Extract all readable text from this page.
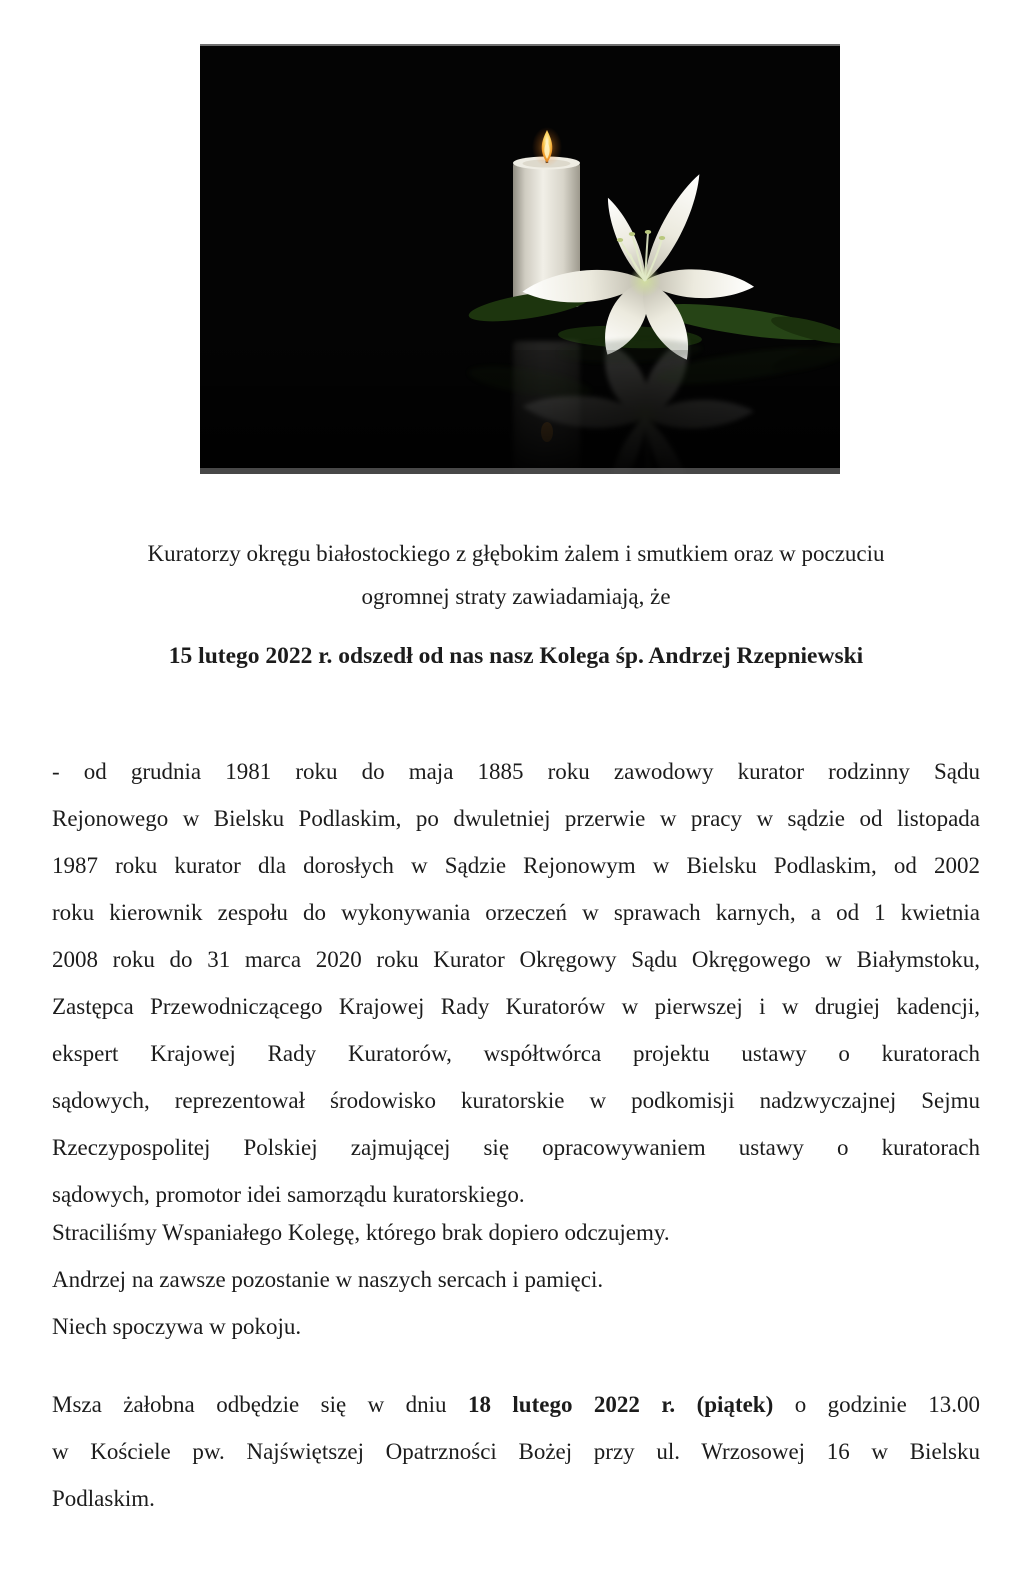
Kuratorzy okręgu białostockiego z głębokim żalem i smutkiem oraz w poczuciu
ogromnej straty zawiadamiają, że
15 lutego 2022 r. odszedł od nas nasz Kolega śp. Andrzej Rzepniewski
- od grudnia 1981 roku do maja 1885 roku zawodowy kurator rodzinny Sądu
Rejonowego w Bielsku Podlaskim, po dwuletniej przerwie w pracy w sądzie od listopada
1987 roku kurator dla dorosłych w Sądzie Rejonowym w Bielsku Podlaskim, od 2002
roku kierownik zespołu do wykonywania orzeczeń w sprawach karnych, a od 1 kwietnia
2008 roku do 31 marca 2020 roku Kurator Okręgowy Sądu Okręgowego w Białymstoku,
Zastępca Przewodniczącego Krajowej Rady Kuratorów w pierwszej i w drugiej kadencji,
ekspert Krajowej Rady Kuratorów, współtwórca projektu ustawy o kuratorach
sądowych, reprezentował środowisko kuratorskie w podkomisji nadzwyczajnej Sejmu
Rzeczypospolitej Polskiej zajmującej się opracowywaniem ustawy o kuratorach
sądowych, promotor idei samorządu kuratorskiego.
Straciliśmy Wspaniałego Kolegę, którego brak dopiero odczujemy.
Andrzej na zawsze pozostanie w naszych sercach i pamięci.
Niech spoczywa w pokoju.
Msza żałobna odbędzie się w dniu 18 lutego 2022 r. (piątek) o godzinie 13.00
w Kościele pw. Najświętszej Opatrzności Bożej przy ul. Wrzosowej 16 w Bielsku
Podlaskim.
